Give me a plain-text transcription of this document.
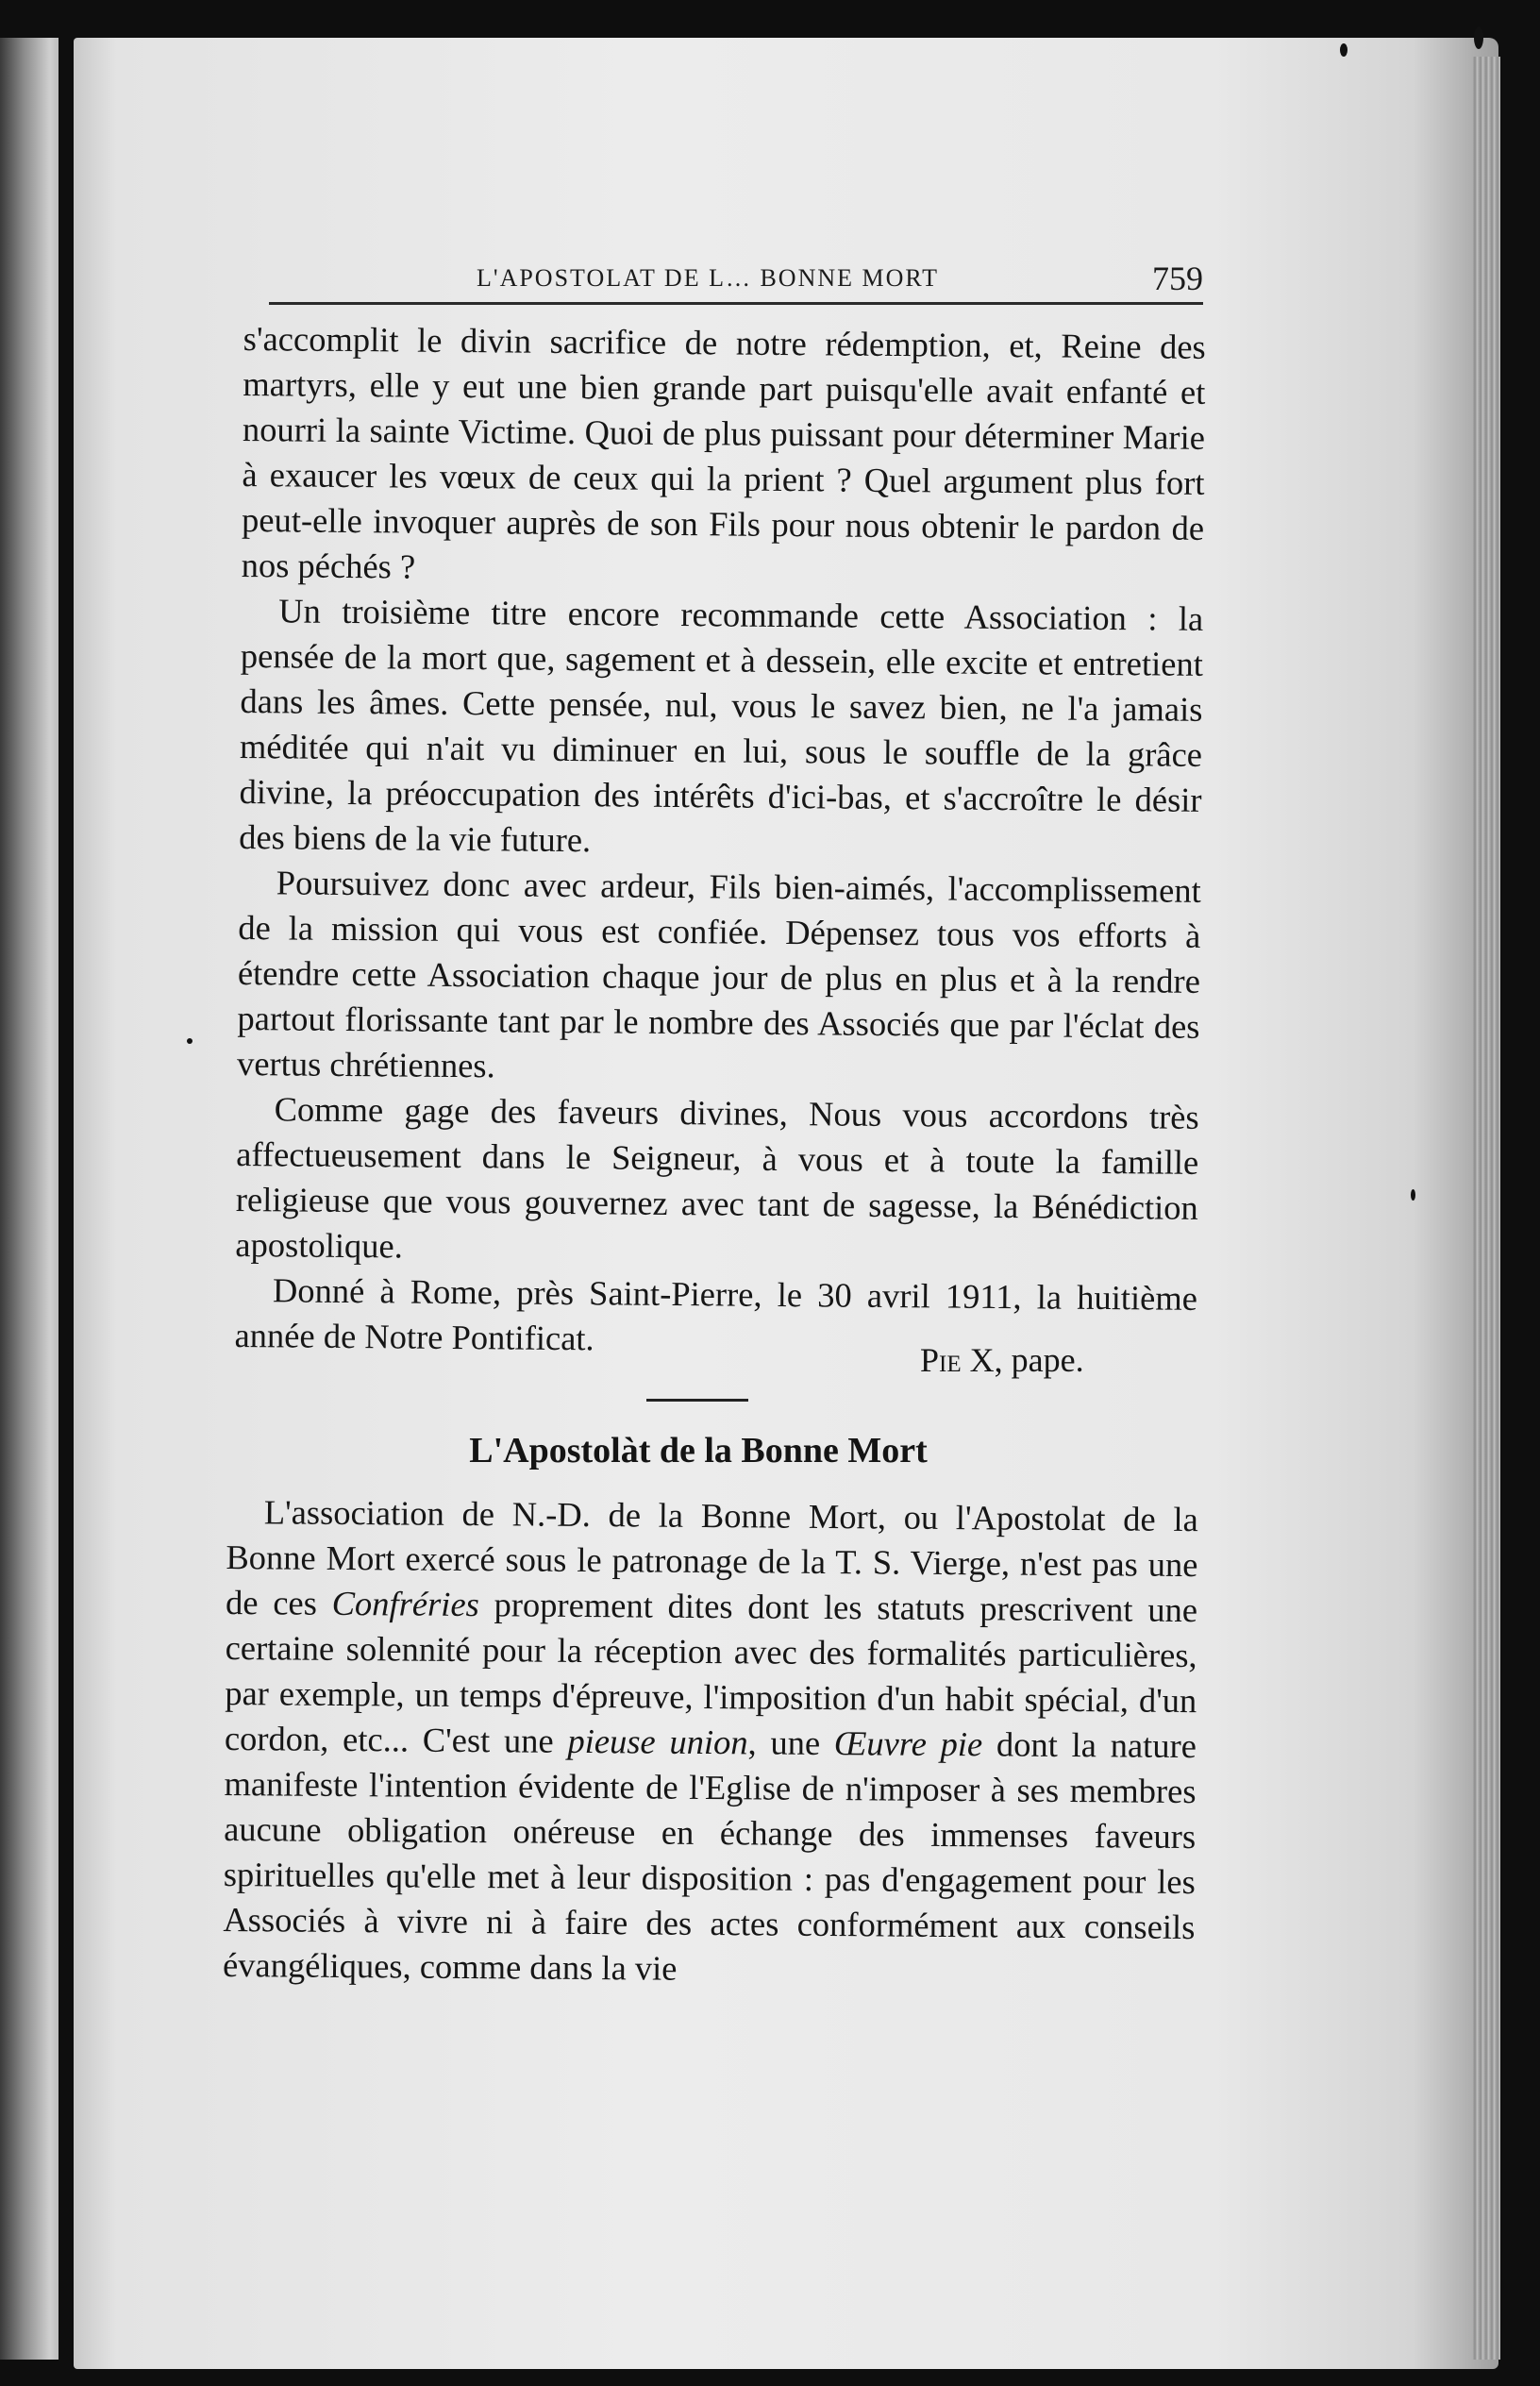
L'APOSTOLAT DE L… BONNE MORT	759

s'accomplit le divin sacrifice de notre rédemption, et, Reine des martyrs, elle y eut une bien grande part puisqu'elle avait enfanté et nourri la sainte Victime. Quoi de plus puissant pour déterminer Marie à exaucer les vœux de ceux qui la prient ? Quel argument plus fort peut-elle invoquer auprès de son Fils pour nous obtenir le pardon de nos péchés ?

Un troisième titre encore recommande cette Association : la pensée de la mort que, sagement et à dessein, elle excite et entretient dans les âmes. Cette pensée, nul, vous le savez bien, ne l'a jamais méditée qui n'ait vu diminuer en lui, sous le souffle de la grâce divine, la préoccupation des intérêts d'ici-bas, et s'accroître le désir des biens de la vie future.

Poursuivez donc avec ardeur, Fils bien-aimés, l'accomplissement de la mission qui vous est confiée. Dépensez tous vos efforts à étendre cette Association chaque jour de plus en plus et à la rendre partout florissante tant par le nombre des Associés que par l'éclat des vertus chrétiennes.

Comme gage des faveurs divines, Nous vous accordons très affectueusement dans le Seigneur, à vous et à toute la famille religieuse que vous gouvernez avec tant de sagesse, la Bénédiction apostolique.

Donné à Rome, près Saint-Pierre, le 30 avril 1911, la huitième année de Notre Pontificat.

Pie X, pape.
L'Apostolàt de la Bonne Mort

L'association de N.-D. de la Bonne Mort, ou l'Apostolat de la Bonne Mort exercé sous le patronage de la T. S. Vierge, n'est pas une de ces Confréries proprement dites dont les statuts prescrivent une certaine solennité pour la réception avec des formalités particulières, par exemple, un temps d'épreuve, l'imposition d'un habit spécial, d'un cordon, etc... C'est une pieuse union, une Œuvre pie dont la nature manifeste l'intention évidente de l'Eglise de n'imposer à ses membres aucune obligation onéreuse en échange des immenses faveurs spirituelles qu'elle met à leur disposition : pas d'engagement pour les Associés à vivre ni à faire des actes conformément aux conseils évangéliques, comme dans la vie
